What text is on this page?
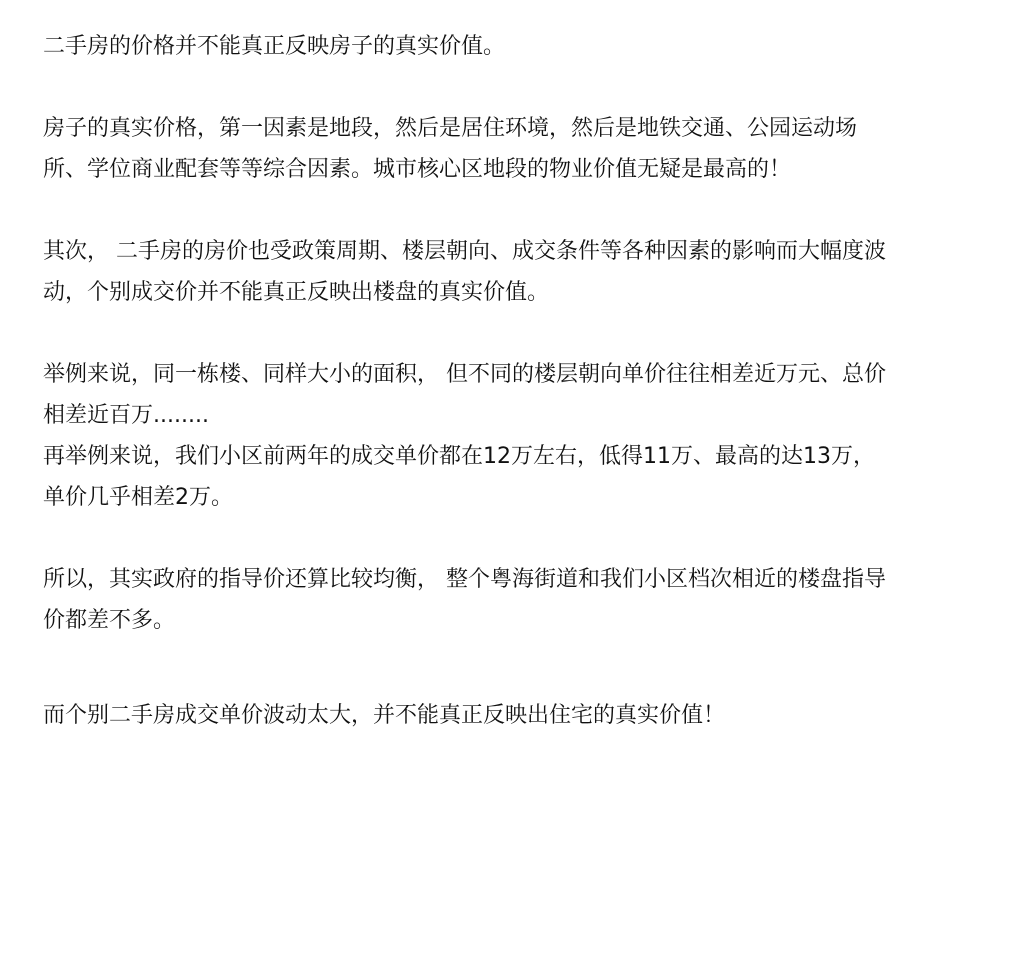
二手房的价格并不能真正反映房子的真实价值。
房子的真实价格，第一因素是地段，然后是居住环境，然后是地铁交通、公园运动场
所、学位商业配套等等综合因素。城市核心区地段的物业价值无疑是最高的！
其次， 二手房的房价也受政策周期、楼层朝向、成交条件等各种因素的影响而大幅度波
动，个别成交价并不能真正反映出楼盘的真实价值。
举例来说，同一栋楼、同样大小的面积， 但不同的楼层朝向单价往往相差近万元、总价
相差近百万........
再举例来说，我们小区前两年的成交单价都在12万左右，低得11万、最高的达13万，
单价几乎相差2万。
所以，其实政府的指导价还算比较均衡， 整个粤海街道和我们小区档次相近的楼盘指导
价都差不多。
而个别二手房成交单价波动太大，并不能真正反映出住宅的真实价值！
